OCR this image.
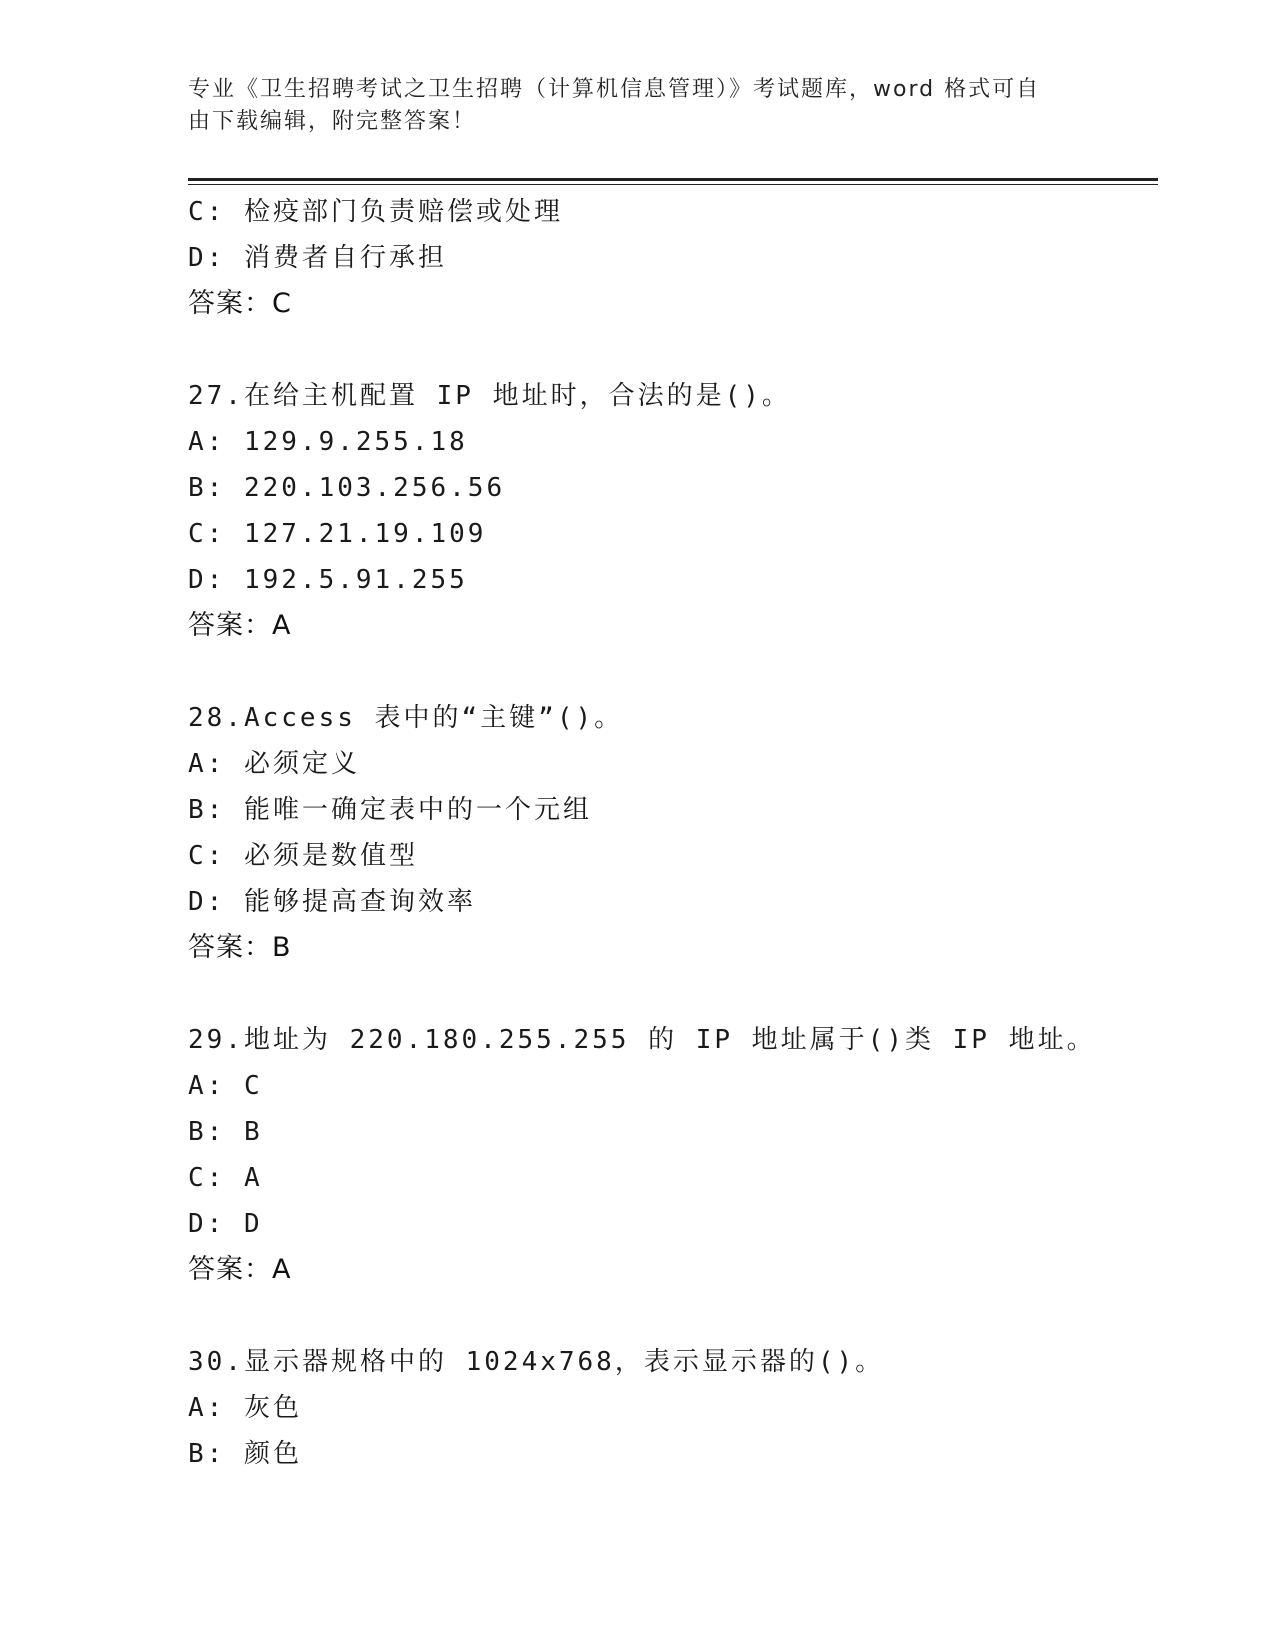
专业《卫生招聘考试之卫生招聘（计算机信息管理）》考试题库，word 格式可自
由下载编辑，附完整答案！
C: 检疫部门负责赔偿或处理
D: 消费者自行承担
答案：C
27.在给主机配置 IP 地址时，合法的是()。
A: 129.9.255.18
B: 220.103.256.56
C: 127.21.19.109
D: 192.5.91.255
答案：A
28.Access 表中的“主键”()。
A: 必须定义
B: 能唯一确定表中的一个元组
C: 必须是数值型
D: 能够提高查询效率
答案：B
29.地址为 220.180.255.255 的 IP 地址属于()类 IP 地址。
A: C
B: B
C: A
D: D
答案：A
30.显示器规格中的 1024x768，表示显示器的()。
A: 灰色
B: 颜色
